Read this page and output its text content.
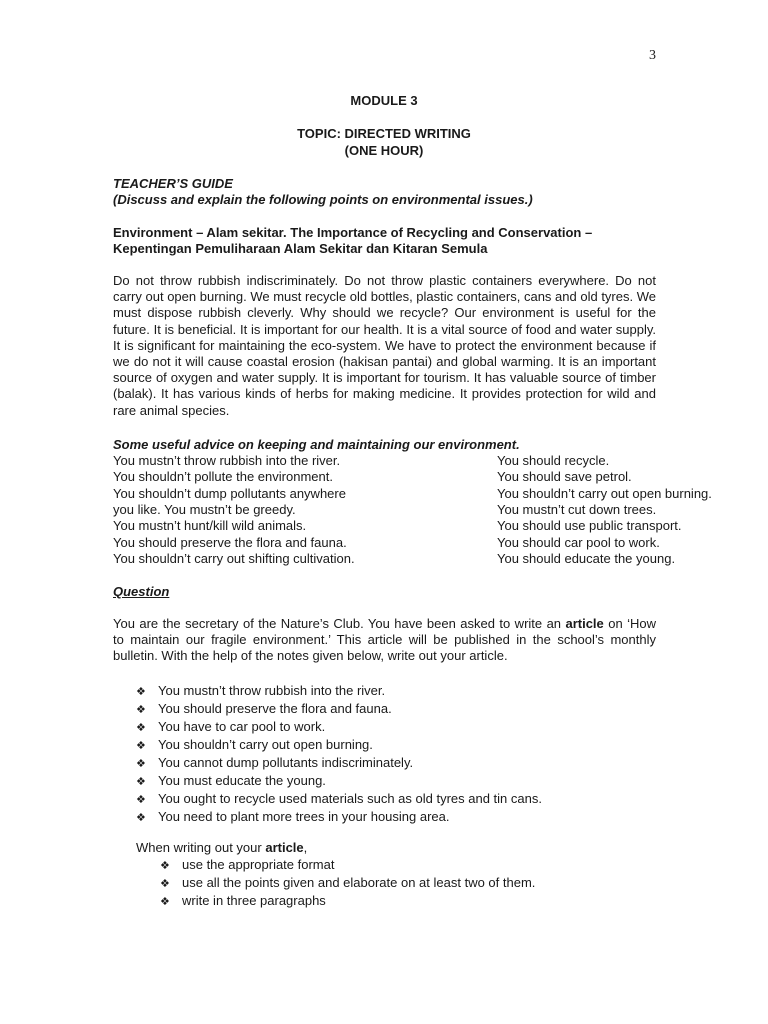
3
MODULE 3
TOPIC: DIRECTED WRITING
(ONE HOUR)
TEACHER’S GUIDE
(Discuss and explain the following points on environmental issues.)
Environment – Alam sekitar. The Importance of Recycling and Conservation –
Kepentingan Pemuliharaan Alam Sekitar dan Kitaran Semula
Do not throw rubbish indiscriminately. Do not throw plastic containers everywhere. Do not carry out open burning. We must recycle old bottles, plastic containers, cans and old tyres. We must dispose rubbish cleverly. Why should we recycle? Our environment is useful for the future. It is beneficial. It is important for our health. It is a vital source of food and water supply. It is significant for maintaining the eco-system. We have to protect the environment because if we do not it will cause coastal erosion (hakisan pantai) and global warming. It is an important source of oxygen and water supply. It is important for tourism. It has valuable source of timber (balak). It has various kinds of herbs for making medicine. It provides protection for wild and rare animal species.
Some useful advice on keeping and maintaining our environment.
You mustn’t throw rubbish into the river.	You should recycle.
You shouldn’t pollute the environment.	You should save petrol.
You shouldn’t dump pollutants anywhere	You shouldn’t carry out open burning.
you like. You mustn’t be greedy.	You mustn’t cut down trees.
You mustn’t hunt/kill wild animals.	You should use public transport.
You should preserve the flora and fauna.	You should car pool to work.
You shouldn’t carry out shifting cultivation.	You should educate the young.
Question
You are the secretary of the Nature’s Club. You have been asked to write an article on ‘How to maintain our fragile environment.’ This article will be published in the school’s monthly bulletin. With the help of the notes given below, write out your article.
❖ You mustn’t throw rubbish into the river.
❖ You should preserve the flora and fauna.
❖ You have to car pool to work.
❖ You shouldn’t carry out open burning.
❖ You cannot dump pollutants indiscriminately.
❖ You must educate the young.
❖ You ought to recycle used materials such as old tyres and tin cans.
❖ You need to plant more trees in your housing area.
When writing out your article,
❖ use the appropriate format
❖ use all the points given and elaborate on at least two of them.
❖ write in three paragraphs
